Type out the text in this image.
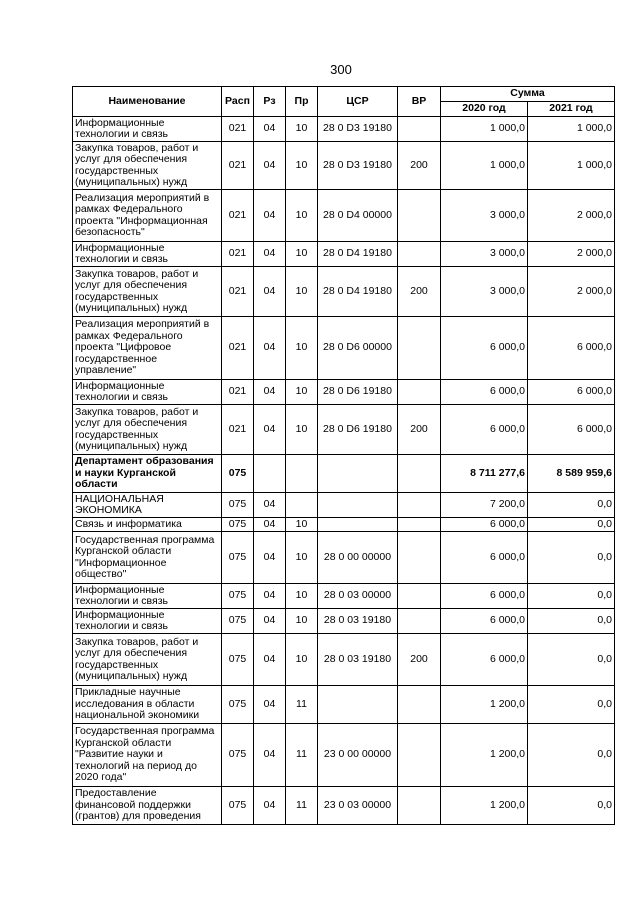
300
Наименование	Расп	Рз	Пр	ЦСР	ВР	Сумма	
						2020 год	2021 год
Информационные технологии и связь	021	04	10	28 0 D3 19180		1 000,0	1 000,0
Закупка товаров, работ и услуг для обеспечения государственных (муниципальных) нужд	021	04	10	28 0 D3 19180	200	1 000,0	1 000,0
Реализация мероприятий в рамках Федерального проекта "Информационная безопасность"	021	04	10	28 0 D4 00000		3 000,0	2 000,0
Информационные технологии и связь	021	04	10	28 0 D4 19180		3 000,0	2 000,0
Закупка товаров, работ и услуг для обеспечения государственных (муниципальных) нужд	021	04	10	28 0 D4 19180	200	3 000,0	2 000,0
Реализация мероприятий в рамках Федерального проекта "Цифровое государственное управление"	021	04	10	28 0 D6 00000		6 000,0	6 000,0
Информационные технологии и связь	021	04	10	28 0 D6 19180		6 000,0	6 000,0
Закупка товаров, работ и услуг для обеспечения государственных (муниципальных) нужд	021	04	10	28 0 D6 19180	200	6 000,0	6 000,0
Департамент образования и науки Курганской области	075					8 711 277,6	8 589 959,6
НАЦИОНАЛЬНАЯ ЭКОНОМИКА	075	04				7 200,0	0,0
Связь и информатика	075	04	10			6 000,0	0,0
Государственная программа Курганской области "Информационное общество"	075	04	10	28 0 00 00000		6 000,0	0,0
Информационные технологии и связь	075	04	10	28 0 03 00000		6 000,0	0,0
Информационные технологии и связь	075	04	10	28 0 03 19180		6 000,0	0,0
Закупка товаров, работ и услуг для обеспечения государственных (муниципальных) нужд	075	04	10	28 0 03 19180	200	6 000,0	0,0
Прикладные научные исследования в области национальной экономики	075	04	11			1 200,0	0,0
Государственная программа Курганской области "Развитие науки и технологий на период до 2020 года"	075	04	11	23 0 00 00000		1 200,0	0,0
Предоставление финансовой поддержки (грантов) для проведения	075	04	11	23 0 03 00000		1 200,0	0,0
